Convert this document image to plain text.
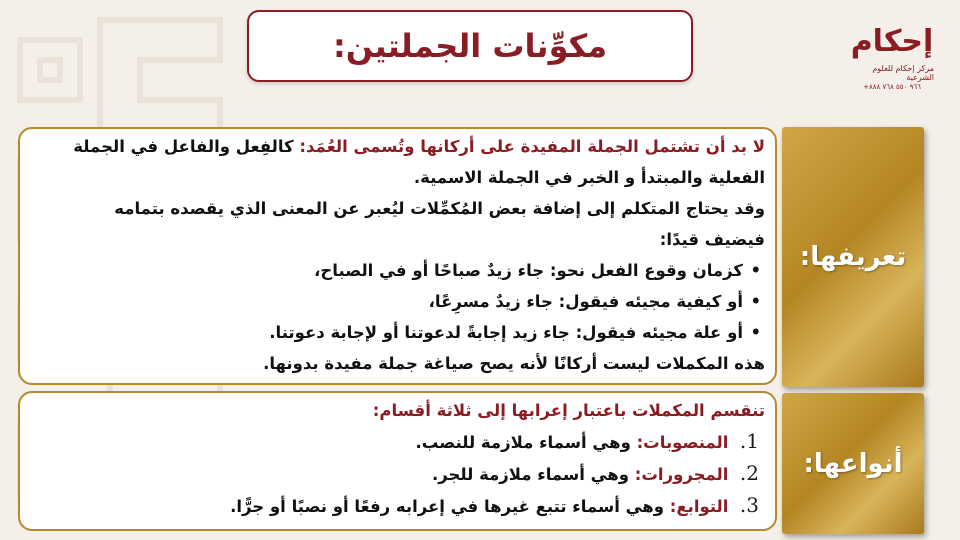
مكوِّنات الجملتين:	إحكام
مركز إحكام للعلوم الشرعية
+٩٦٦ ٥٥٠ ٧٦٨ ٨٨٨
لا بد أن تشتمل الجملة المفيدة على أركانها وتُسمى العُمَد: كالفِعل والفاعل في الجملة
الفعلية والمبتدأ و الخبر في الجملة الاسمية.
وقد يحتاج المتكلم إلى إضافة بعض المُكمِّلات ليُعبر عن المعنى الذي يقصده بتمامه
فيضيف قيدًا:
• كزمان وقوع الفعل نحو: جاء زيدٌ صباحًا أو في الصباح،
• أو كيفية مجيئه فيقول: جاء زيدٌ مسرِعًا،
• أو علة مجيئه فيقول: جاء زيد إجابةً لدعوتنا أو لإجابة دعوتنا.
هذه المكملات ليست أركانًا لأنه يصح صياغة جملة مفيدة بدونها.
تعريفها:
تنقسم المكملات باعتبار إعرابها إلى ثلاثة أقسام:
1.  المنصوبات: وهي أسماء ملازمة للنصب.
2.  المجرورات: وهي أسماء ملازمة للجر.
3.  التوابع: وهي أسماء تتبع غيرها في إعرابه رفعًا أو نصبًا أو جرًّا.
أنواعها:
